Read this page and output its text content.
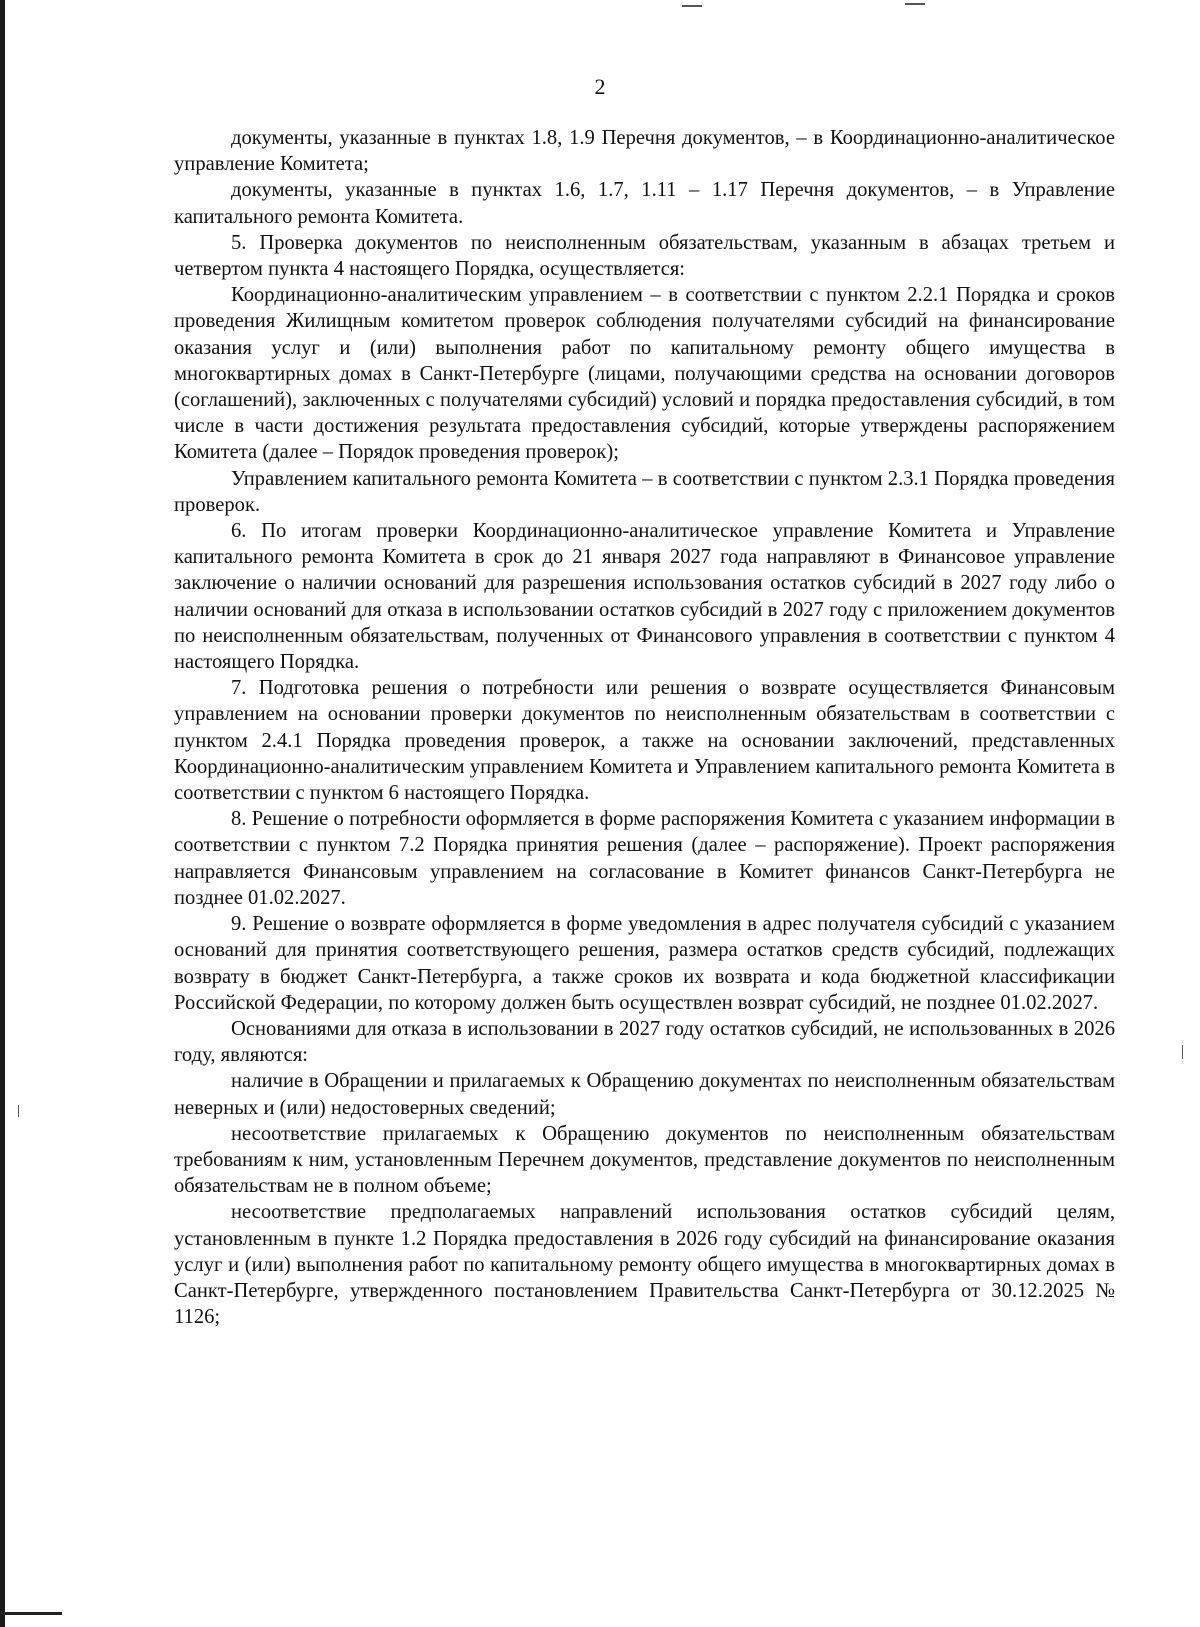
2

документы, указанные в пунктах 1.8, 1.9 Перечня документов, – в Координационно-аналитическое управление Комитета;

документы, указанные в пунктах 1.6, 1.7, 1.11 – 1.17 Перечня документов, – в Управление капитального ремонта Комитета.

5. Проверка документов по неисполненным обязательствам, указанным в абзацах третьем и четвертом пункта 4 настоящего Порядка, осуществляется:

Координационно-аналитическим управлением – в соответствии с пунктом 2.2.1 Порядка и сроков проведения Жилищным комитетом проверок соблюдения получателями субсидий на финансирование оказания услуг и (или) выполнения работ по капитальному ремонту общего имущества в многоквартирных домах в Санкт-Петербурге (лицами, получающими средства на основании договоров (соглашений), заключенных с получателями субсидий) условий и порядка предоставления субсидий, в том числе в части достижения результата предоставления субсидий, которые утверждены распоряжением Комитета (далее – Порядок проведения проверок);

Управлением капитального ремонта Комитета – в соответствии с пунктом 2.3.1 Порядка проведения проверок.

6. По итогам проверки Координационно-аналитическое управление Комитета и Управление капитального ремонта Комитета в срок до 21 января 2027 года направляют в Финансовое управление заключение о наличии оснований для разрешения использования остатков субсидий в 2027 году либо о наличии оснований для отказа в использовании остатков субсидий в 2027 году с приложением документов по неисполненным обязательствам, полученных от Финансового управления в соответствии с пунктом 4 настоящего Порядка.

7. Подготовка решения о потребности или решения о возврате осуществляется Финансовым управлением на основании проверки документов по неисполненным обязательствам в соответствии с пунктом 2.4.1 Порядка проведения проверок, а также на основании заключений, представленных Координационно-аналитическим управлением Комитета и Управлением капитального ремонта Комитета в соответствии с пунктом 6 настоящего Порядка.

8. Решение о потребности оформляется в форме распоряжения Комитета с указанием информации в соответствии с пунктом 7.2 Порядка принятия решения (далее – распоряжение). Проект распоряжения направляется Финансовым управлением на согласование в Комитет финансов Санкт-Петербурга не позднее 01.02.2027.

9. Решение о возврате оформляется в форме уведомления в адрес получателя субсидий с указанием оснований для принятия соответствующего решения, размера остатков средств субсидий, подлежащих возврату в бюджет Санкт-Петербурга, а также сроков их возврата и кода бюджетной классификации Российской Федерации, по которому должен быть осуществлен возврат субсидий, не позднее 01.02.2027.

Основаниями для отказа в использовании в 2027 году остатков субсидий, не использованных в 2026 году, являются:

наличие в Обращении и прилагаемых к Обращению документах по неисполненным обязательствам неверных и (или) недостоверных сведений;

несоответствие прилагаемых к Обращению документов по неисполненным обязательствам требованиям к ним, установленным Перечнем документов, представление документов по неисполненным обязательствам не в полном объеме;

несоответствие предполагаемых направлений использования остатков субсидий целям, установленным в пункте 1.2 Порядка предоставления в 2026 году субсидий на финансирование оказания услуг и (или) выполнения работ по капитальному ремонту общего имущества в многоквартирных домах в Санкт-Петербурге, утвержденного постановлением Правительства Санкт-Петербурга от 30.12.2025 № 1126;
